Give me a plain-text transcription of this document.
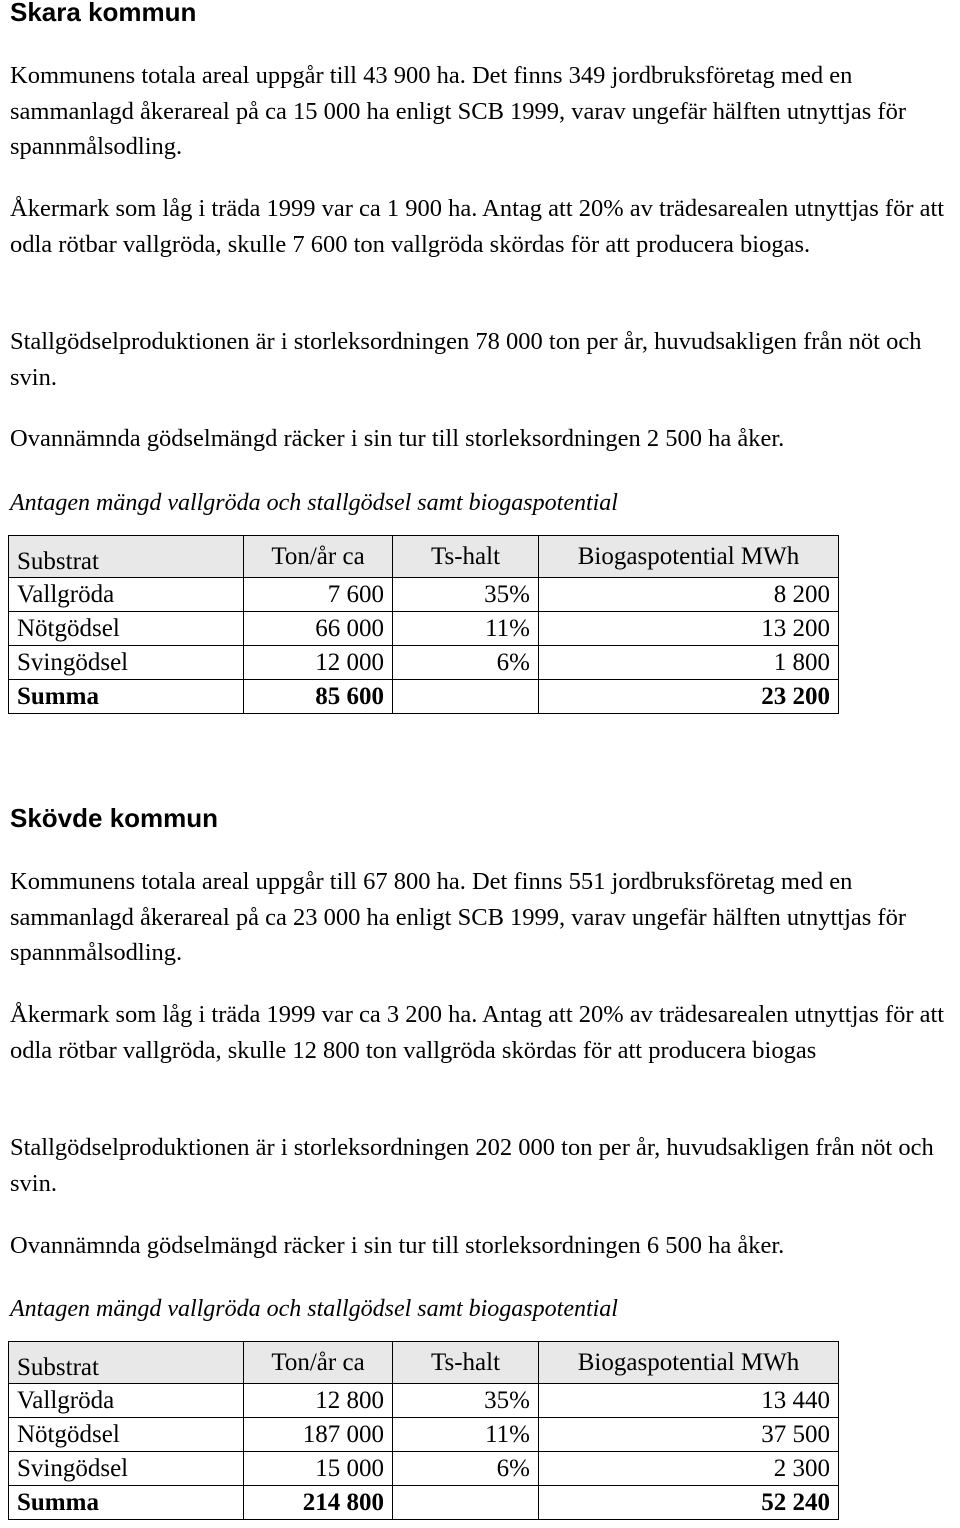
Skara kommun

Kommunens totala areal uppgår till 43 900 ha. Det finns 349 jordbruksföretag med en sammanlagd åkerareal på ca 15 000 ha enligt SCB 1999, varav ungefär hälften utnyttjas för spannmålsodling.

Åkermark som låg i träda 1999 var ca 1 900 ha. Antag att 20% av trädesarealen utnyttjas för att odla rötbar vallgröda, skulle 7 600 ton vallgröda skördas för att producera biogas.

Stallgödselproduktionen är i storleksordningen 78 000 ton per år, huvudsakligen från nöt och svin.

Ovannämnda gödselmängd räcker i sin tur till storleksordningen 2 500 ha åker.

Antagen mängd vallgröda och stallgödsel samt biogaspotential

Substrat	Ton/år ca	Ts-halt	Biogaspotential MWh
Vallgröda	7 600	35%	8 200
Nötgödsel	66 000	11%	13 200
Svingödsel	12 000	6%	1 800
Summa	85 600		23 200
Skövde kommun

Kommunens totala areal uppgår till 67 800 ha. Det finns 551 jordbruksföretag med en sammanlagd åkerareal på ca 23 000 ha enligt SCB 1999, varav ungefär hälften utnyttjas för spannmålsodling.

Åkermark som låg i träda 1999 var ca 3 200 ha. Antag att 20% av trädesarealen utnyttjas för att odla rötbar vallgröda, skulle 12 800 ton vallgröda skördas för att producera biogas

Stallgödselproduktionen är i storleksordningen 202 000 ton per år, huvudsakligen från nöt och svin.

Ovannämnda gödselmängd räcker i sin tur till storleksordningen 6 500 ha åker.

Antagen mängd vallgröda och stallgödsel samt biogaspotential

Substrat	Ton/år ca	Ts-halt	Biogaspotential MWh
Vallgröda	12 800	35%	13 440
Nötgödsel	187 000	11%	37 500
Svingödsel	15 000	6%	2 300
Summa	214 800		52 240
